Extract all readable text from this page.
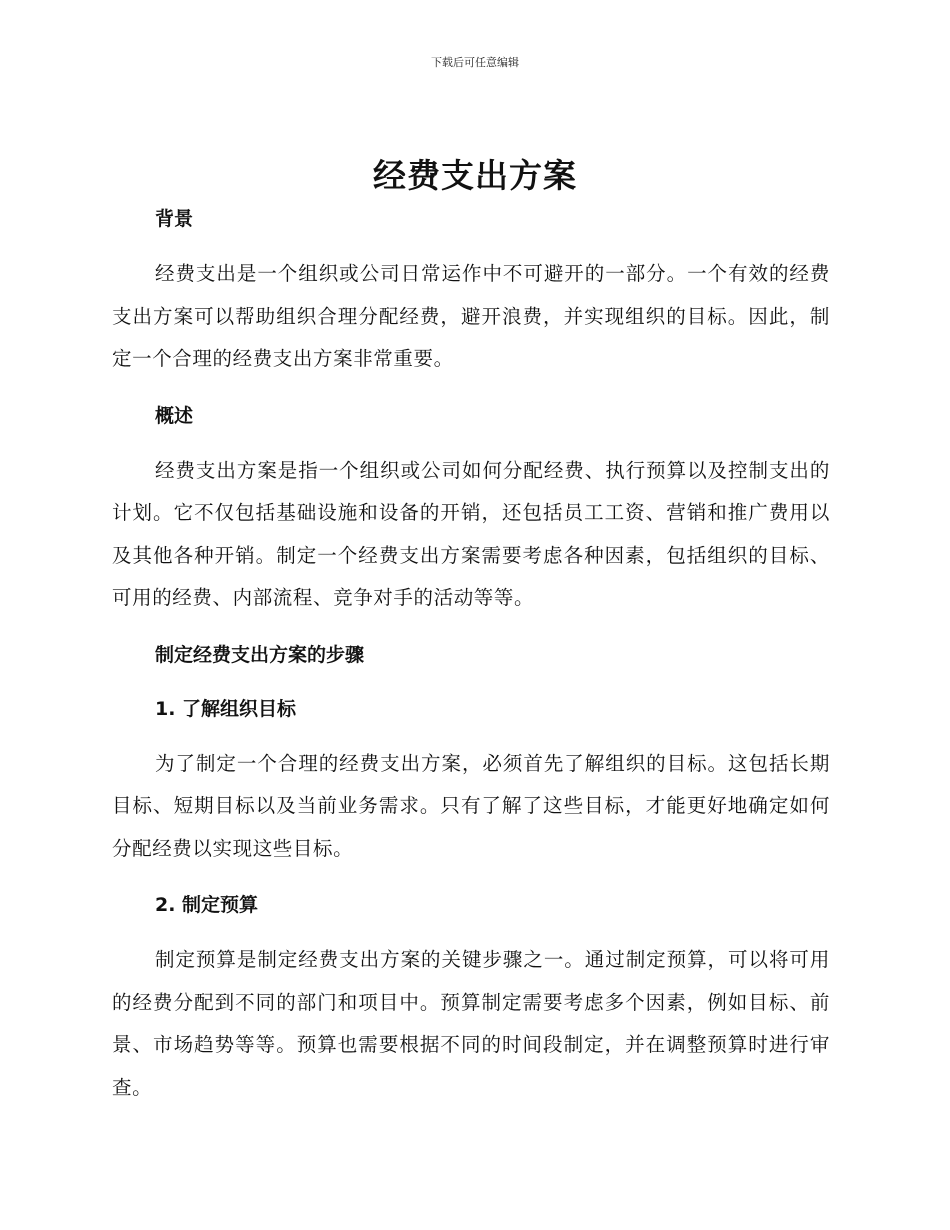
下载后可任意编辑
经费支出方案
背景

经费支出是一个组织或公司日常运作中不可避开的一部分。一个有效的经费支出方案可以帮助组织合理分配经费，避开浪费，并实现组织的目标。因此，制定一个合理的经费支出方案非常重要。

概述

经费支出方案是指一个组织或公司如何分配经费、执行预算以及控制支出的计划。它不仅包括基础设施和设备的开销，还包括员工工资、营销和推广费用以及其他各种开销。制定一个经费支出方案需要考虑各种因素，包括组织的目标、可用的经费、内部流程、竞争对手的活动等等。

制定经费支出方案的步骤
1. 了解组织目标

为了制定一个合理的经费支出方案，必须首先了解组织的目标。这包括长期目标、短期目标以及当前业务需求。只有了解了这些目标，才能更好地确定如何分配经费以实现这些目标。

2. 制定预算

制定预算是制定经费支出方案的关键步骤之一。通过制定预算，可以将可用的经费分配到不同的部门和项目中。预算制定需要考虑多个因素，例如目标、前景、市场趋势等等。预算也需要根据不同的时间段制定，并在调整预算时进行审查。
